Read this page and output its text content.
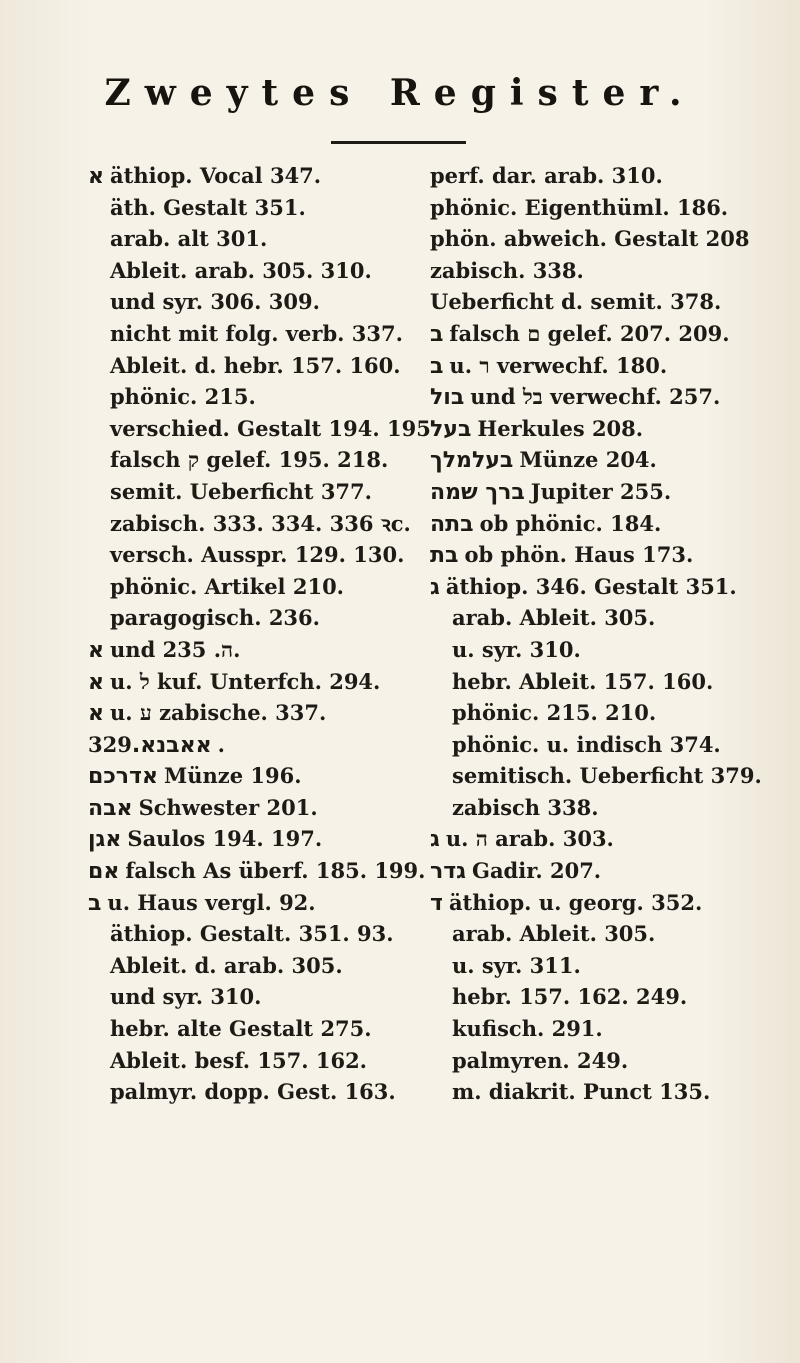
Zweytes Register.
א äthiop. Vocal 347.
äth. Gestalt 351.
arab. alt 301.
Ableit. arab. 305. 310.
und syr. 306. 309.
nicht mit folg. verb. 337.
Ableit. d. hebr. 157. 160.
phönic. 215.
verschied. Gestalt 194. 195
falsch ק gelef. 195. 218.
semit. Ueberficht 377.
zabisch. 333. 334. 336 ꝛc.
versch. Ausspr. 129. 130.
phönic. Artikel 210.
paragogisch. 236.
א und ה. 235.
א u. ל kuf. Unterfch. 294.
א u. ע zabische. 337.
אאבנא.329.
אדרכם Münze 196.
אבה Schwester 201.
אגן Saulos 194. 197.
אם falsch As überf. 185. 199.
ב u. Haus vergl. 92.
äthiop. Gestalt. 351. 93.
Ableit. d. arab. 305.
und syr. 310.
hebr. alte Gestalt 275.
Ableit. besf. 157. 162.
palmyr. dopp. Gest. 163.
perf. dar. arab. 310.
phönic. Eigenthüml. 186.
phön. abweich. Gestalt 208
zabisch. 338.
Ueberficht d. semit. 378.
ב falsch ם gelef. 207. 209.
ב u. ר verwechf. 180.
בול und בל verwechf. 257.
בעל Herkules 208.
בעלמלך Münze 204.
ברך שמה Jupiter 255.
בתה ob phönic. 184.
בת ob phön. Haus 173.
ג äthiop. 346. Gestalt 351.
arab. Ableit. 305.
u. syr. 310.
hebr. Ableit. 157. 160.
phönic. 215. 210.
phönic. u. indisch 374.
semitisch. Ueberficht 379.
zabisch 338.
ג u. ה arab. 303.
גדר Gadir. 207.
ד äthiop. u. georg. 352.
arab. Ableit. 305.
u. syr. 311.
hebr. 157. 162. 249.
kufisch. 291.
palmyren. 249.
m. diakrit. Punct 135.
